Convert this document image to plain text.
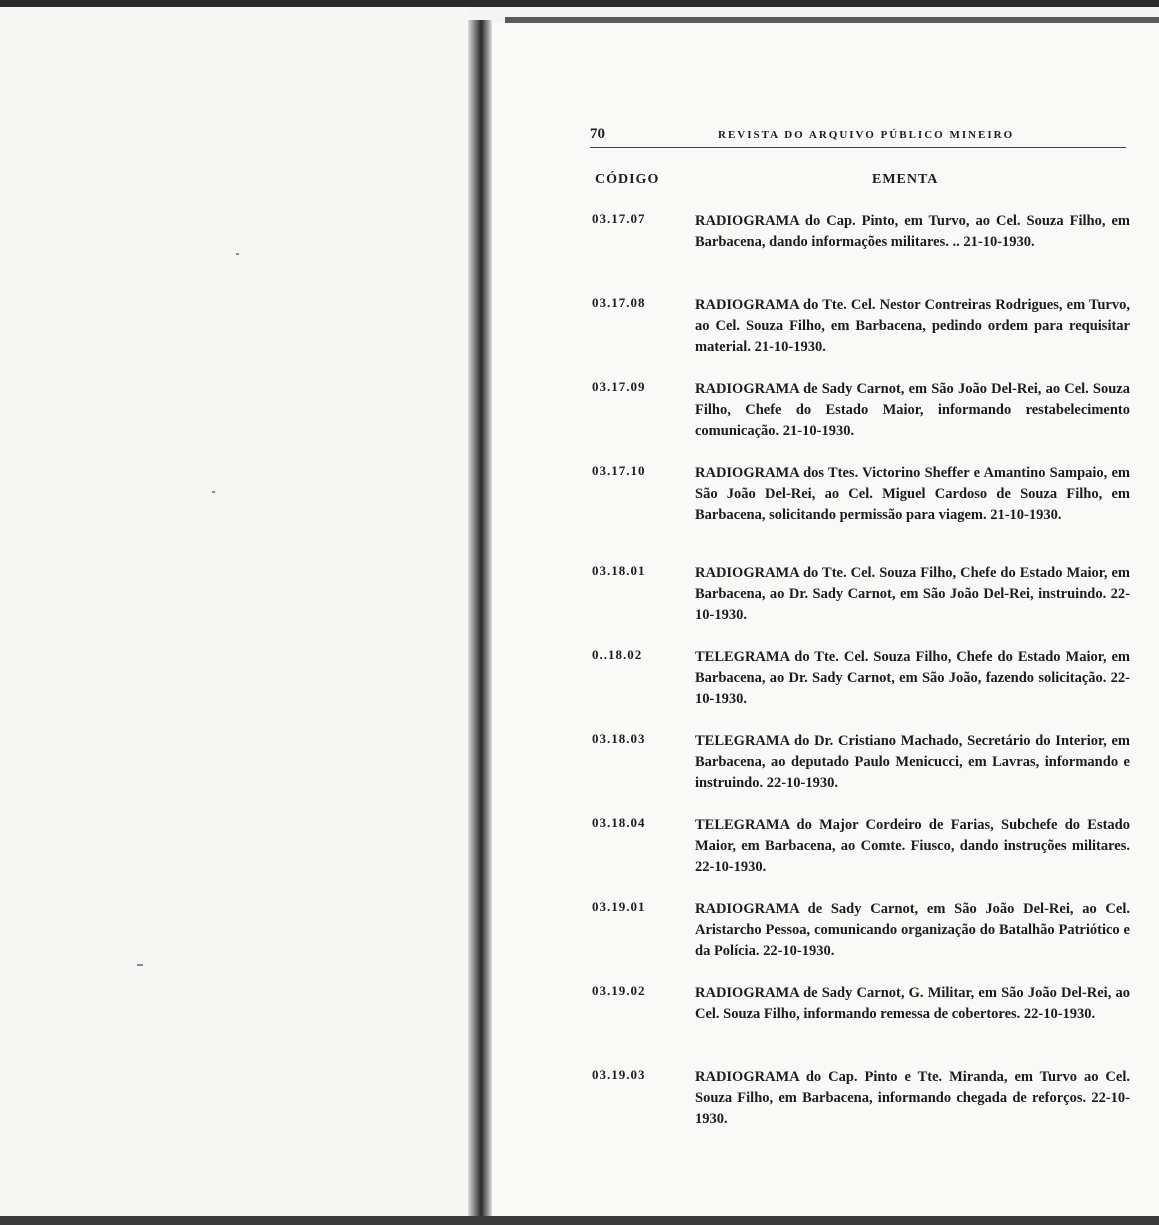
70	REVISTA DO ARQUIVO PÚBLICO MINEIRO
CÓDIGO	EMENTA
03.17.07	RADIOGRAMA do Cap. Pinto, em Turvo, ao Cel. Souza Filho, em Barbacena, dando informações militares. .. 21-10-1930.
03.17.08	RADIOGRAMA do Tte. Cel. Nestor Contreiras Rodrigues, em Turvo, ao Cel. Souza Filho, em Barbacena, pedindo ordem para requisitar material. 21-10-1930.
03.17.09	RADIOGRAMA de Sady Carnot, em São João Del-Rei, ao Cel. Souza Filho, Chefe do Estado Maior, informando restabelecimento comunicação. 21-10-1930.
03.17.10	RADIOGRAMA dos Ttes. Victorino Sheffer e Amantino Sampaio, em São João Del-Rei, ao Cel. Miguel Cardoso de Souza Filho, em Barbacena, solicitando permissão para viagem. 21-10-1930.
03.18.01	RADIOGRAMA do Tte. Cel. Souza Filho, Chefe do Estado Maior, em Barbacena, ao Dr. Sady Carnot, em São João Del-Rei, instruindo. 22-10-1930.
0..18.02	TELEGRAMA do Tte. Cel. Souza Filho, Chefe do Estado Maior, em Barbacena, ao Dr. Sady Carnot, em São João, fazendo solicitação. 22-10-1930.
03.18.03	TELEGRAMA do Dr. Cristiano Machado, Secretário do Interior, em Barbacena, ao deputado Paulo Menicucci, em Lavras, informando e instruindo. 22-10-1930.
03.18.04	TELEGRAMA do Major Cordeiro de Farias, Subchefe do Estado Maior, em Barbacena, ao Comte. Fiusco, dando instruções militares. 22-10-1930.
03.19.01	RADIOGRAMA de Sady Carnot, em São João Del-Rei, ao Cel. Aristarcho Pessoa, comunicando organização do Batalhão Patriótico e da Polícia. 22-10-1930.
03.19.02	RADIOGRAMA de Sady Carnot, G. Militar, em São João Del-Rei, ao Cel. Souza Filho, informando remessa de cobertores. 22-10-1930.
03.19.03	RADIOGRAMA do Cap. Pinto e Tte. Miranda, em Turvo ao Cel. Souza Filho, em Barbacena, informando chegada de reforços. 22-10-1930.
